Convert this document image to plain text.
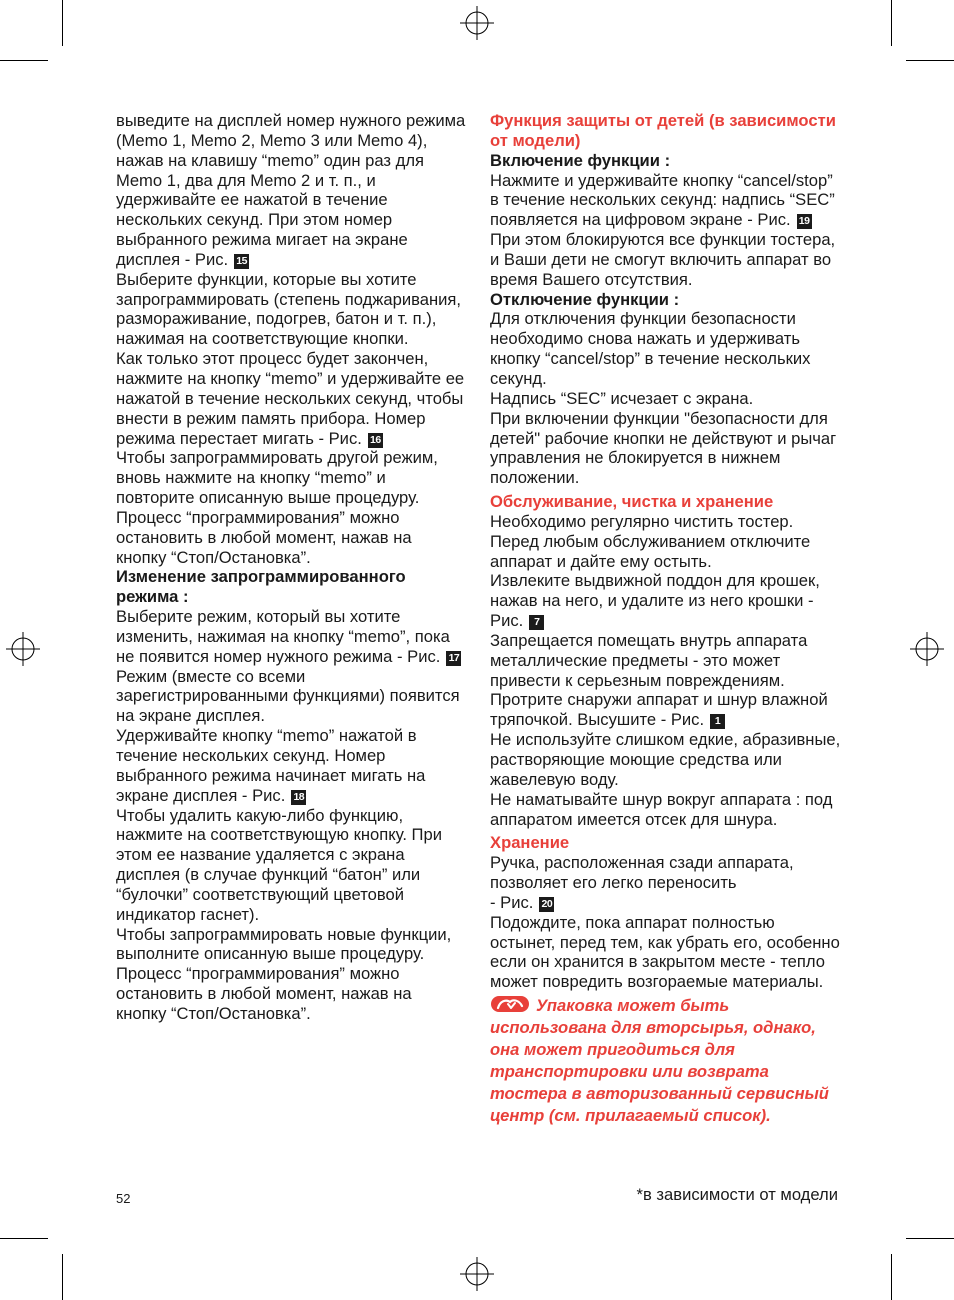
выведите на дисплей номер нужного режима (Memo 1, Memo 2, Memo 3 или Memo 4), нажав на клавишу “memo” один раз для Memo 1, два для Memo 2 и т. п., и удерживайте ее нажатой в течение нескольких секунд. При этом номер выбранного режима мигает на экране дисплея - Рис. 15

Выберите функции, которые вы хотите запрограммировать (степень поджаривания, размораживание, подогрев, батон и т. п.), нажимая на соответствующие кнопки.

Как только этот процесс будет закончен, нажмите на кнопку “memo” и удерживайте ее нажатой в течение нескольких секунд, чтобы внести в режим память прибора. Номер режима перестает мигать - Рис. 16

Чтобы запрограммировать другой режим, вновь нажмите на кнопку “memo” и повторите описанную выше процедуру.

Процесс “программирования” можно остановить в любой момент, нажав на кнопку “Стоп/Остановка”.

Изменение запрограммированного режима :

Выберите режим, который вы хотите изменить, нажимая на кнопку “memo”, пока не появится номер нужного режима - Рис. 17

Режим (вместе со всеми зарегистрированными функциями) появится на экране дисплея.

Удерживайте кнопку “memo” нажатой в течение нескольких секунд. Номер выбранного режима начинает мигать на экране дисплея - Рис. 18

Чтобы удалить какую-либо функцию, нажмите на соответствующую кнопку. При этом ее название удаляется с экрана дисплея (в случае функций “батон” или “булочки” соответствующий цветовой индикатор гаснет).

Чтобы запрограммировать новые функции, выполните описанную выше процедуру.

Процесс “программирования” можно остановить в любой момент, нажав на кнопку “Стоп/Остановка”.

Функция защиты от детей (в зависимости от модели)

Включение функции :

Нажмите и удерживайте кнопку “cancel/stop” в течение нескольких секунд: надпись “SEC” появляется на цифровом экране - Рис. 19

При этом блокируются все функции тостера, и Ваши дети не смогут включить аппарат во время Вашего отсутствия.

Отключение функции :

Для отключения функции безопасности необходимо снова нажать и удерживать кнопку “cancel/stop” в течение нескольких секунд.

Надпись “SEC” исчезает с экрана.

При включении функции "безопасности для детей" рабочие кнопки не действуют и рычаг управления не блокируется в нижнем положении.

Обслуживание, чистка и хранение

Необходимо регулярно чистить тостер.

Перед любым обслуживанием отключите аппарат и дайте ему остыть.

Извлеките выдвижной поддон для крошек, нажав на него, и удалите из него крошки - Рис. 7

Запрещается помещать внутрь аппарата металлические предметы - это может привести к серьезным повреждениям.

Протрите снаружи аппарат и шнур влажной тряпочкой. Высушите - Рис. 1

Не используйте слишком едкие, абразивные, растворяющие моющие средства или жавелевую воду.

Не наматывайте шнур вокруг аппарата : под аппаратом имеется отсек для шнура.

Хранение

Ручка, расположенная сзади аппарата, позволяет его легко переносить

- Рис. 20

Подождите, пока аппарат полностью остынет, перед тем, как убрать его, особенно если он хранится в закрытом месте - тепло может повредить возгораемые материалы.

Упаковка может быть использована для вторсырья, однако, она может пригодиться для транспортировки или возврата тостера в авторизованный сервисный центр (см. прилагаемый список).

52	*в зависимости от модели
